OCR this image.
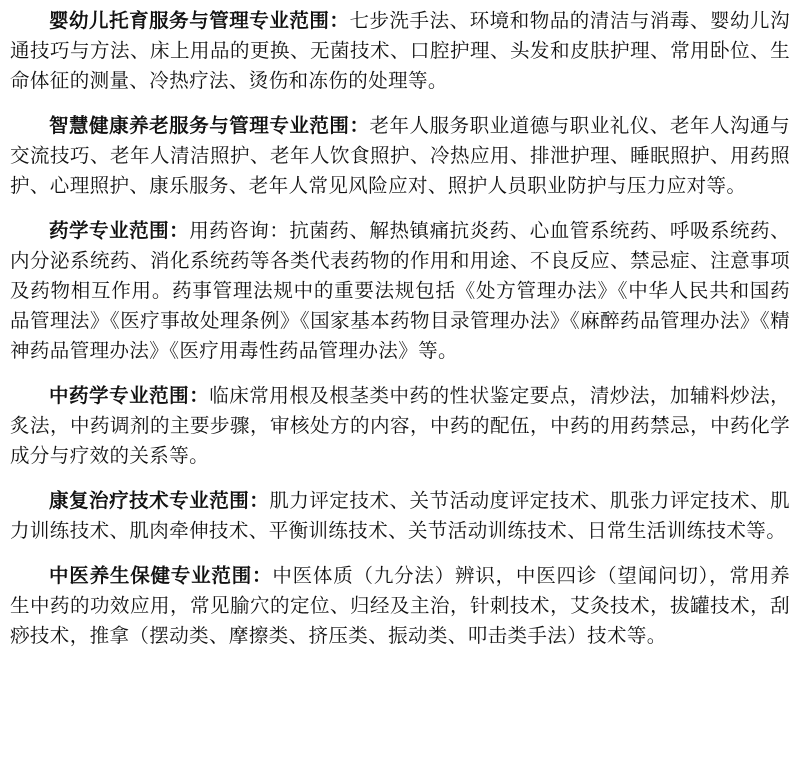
婴幼儿托育服务与管理专业范围：七步洗手法、环境和物品的清洁与消毒、婴幼儿沟通技巧与方法、床上用品的更换、无菌技术、口腔护理、头发和皮肤护理、常用卧位、生命体征的测量、冷热疗法、烫伤和冻伤的处理等。

智慧健康养老服务与管理专业范围：老年人服务职业道德与职业礼仪、老年人沟通与交流技巧、老年人清洁照护、老年人饮食照护、冷热应用、排泄护理、睡眠照护、用药照护、心理照护、康乐服务、老年人常见风险应对、照护人员职业防护与压力应对等。

药学专业范围：用药咨询：抗菌药、解热镇痛抗炎药、心血管系统药、呼吸系统药、内分泌系统药、消化系统药等各类代表药物的作用和用途、不良反应、禁忌症、注意事项及药物相互作用。药事管理法规中的重要法规包括《处方管理办法》《中华人民共和国药品管理法》《医疗事故处理条例》《国家基本药物目录管理办法》《麻醉药品管理办法》《精神药品管理办法》《医疗用毒性药品管理办法》等。

中药学专业范围：临床常用根及根茎类中药的性状鉴定要点，清炒法，加辅料炒法，炙法，中药调剂的主要步骤，审核处方的内容，中药的配伍，中药的用药禁忌，中药化学成分与疗效的关系等。

康复治疗技术专业范围：肌力评定技术、关节活动度评定技术、肌张力评定技术、肌力训练技术、肌肉牵伸技术、平衡训练技术、关节活动训练技术、日常生活训练技术等。

中医养生保健专业范围：中医体质（九分法）辨识，中医四诊（望闻问切），常用养生中药的功效应用，常见腧穴的定位、归经及主治，针刺技术，艾灸技术，拔罐技术，刮痧技术，推拿（摆动类、摩擦类、挤压类、振动类、叩击类手法）技术等。
